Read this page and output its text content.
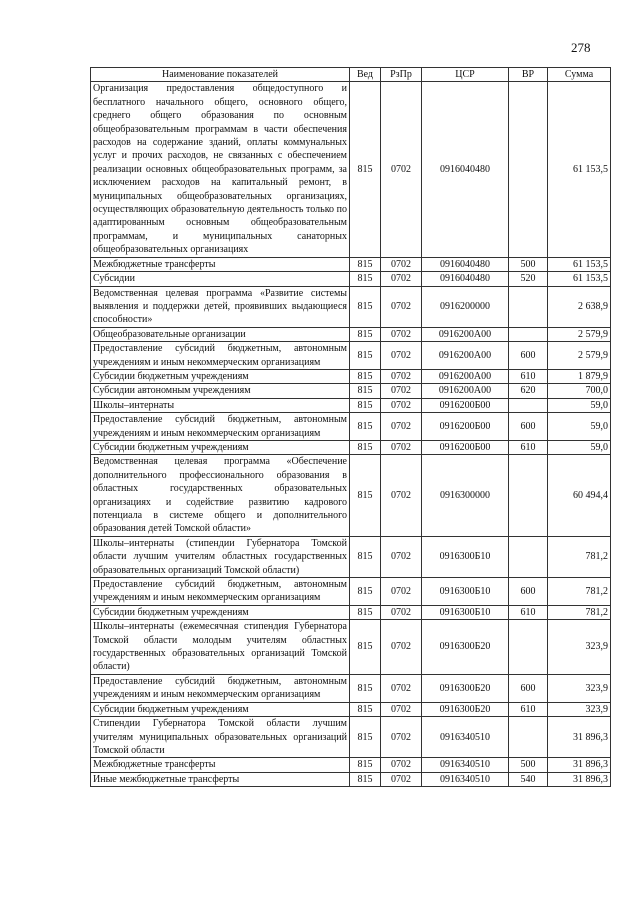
278
Наименование показателей	Вед	РзПр	ЦСР	ВР	Сумма
Организация предоставления общедоступного и бесплатного начального общего, основного общего, среднего общего образования по основным общеобразовательным программам в части обеспечения расходов на содержание зданий, оплаты коммунальных услуг и прочих расходов, не связанных с обеспечением реализации основных общеобразовательных программ, за исключением расходов на капитальный ремонт, в муниципальных общеобразовательных организациях, осуществляющих образовательную деятельность только по адаптированным основным общеобразовательным программам, и муниципальных санаторных общеобразовательных организациях	815	0702	0916040480		61 153,5
Межбюджетные трансферты	815	0702	0916040480	500	61 153,5
Субсидии	815	0702	0916040480	520	61 153,5
Ведомственная целевая программа «Развитие системы выявления и поддержки детей, проявивших выдающиеся способности»	815	0702	0916200000		2 638,9
Общеобразовательные организации	815	0702	0916200А00		2 579,9
Предоставление субсидий бюджетным, автономным учреждениям и иным некоммерческим организациям	815	0702	0916200А00	600	2 579,9
Субсидии бюджетным учреждениям	815	0702	0916200А00	610	1 879,9
Субсидии автономным учреждениям	815	0702	0916200А00	620	700,0
Школы–интернаты	815	0702	0916200Б00		59,0
Предоставление субсидий бюджетным, автономным учреждениям и иным некоммерческим организациям	815	0702	0916200Б00	600	59,0
Субсидии бюджетным учреждениям	815	0702	0916200Б00	610	59,0
Ведомственная целевая программа «Обеспечение дополнительного профессионального образования в областных государственных образовательных организациях и содействие развитию кадрового потенциала в системе общего и дополнительного образования детей Томской области»	815	0702	0916300000		60 494,4
Школы–интернаты (стипендии Губернатора Томской области лучшим учителям областных государственных образовательных организаций Томской области)	815	0702	0916300Б10		781,2
Предоставление субсидий бюджетным, автономным учреждениям и иным некоммерческим организациям	815	0702	0916300Б10	600	781,2
Субсидии бюджетным учреждениям	815	0702	0916300Б10	610	781,2
Школы–интернаты (ежемесячная стипендия Губернатора Томской области молодым учителям областных государственных образовательных организаций Томской области)	815	0702	0916300Б20		323,9
Предоставление субсидий бюджетным, автономным учреждениям и иным некоммерческим организациям	815	0702	0916300Б20	600	323,9
Субсидии бюджетным учреждениям	815	0702	0916300Б20	610	323,9
Стипендии Губернатора Томской области лучшим учителям муниципальных образовательных организаций Томской области	815	0702	0916340510		31 896,3
Межбюджетные трансферты	815	0702	0916340510	500	31 896,3
Иные межбюджетные трансферты	815	0702	0916340510	540	31 896,3
